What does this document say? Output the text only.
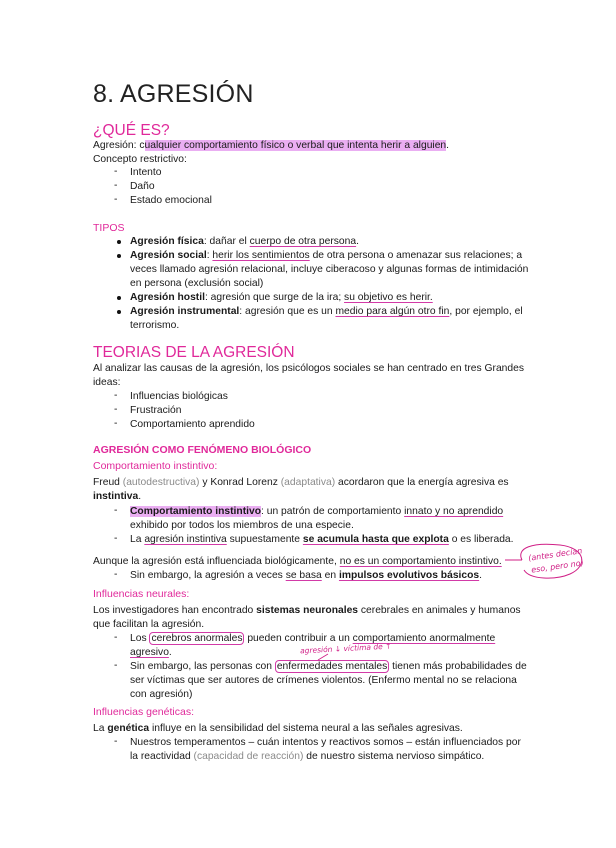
8. AGRESIÓN
¿QUÉ ES?
Agresión: cualquier comportamiento físico o verbal que intenta herir a alguien.
Concepto restrictivo:
- Intento
- Daño
- Estado emocional
TIPOS
Agresión física: dañar el cuerpo de otra persona.
Agresión social: herir los sentimientos de otra persona o amenazar sus relaciones; a
veces llamado agresión relacional, incluye ciberacoso y algunas formas de intimidación
en persona (exclusión social)
Agresión hostil: agresión que surge de la ira; su objetivo es herir.
Agresión instrumental: agresión que es un medio para algún otro fin, por ejemplo, el
terrorismo.
TEORIAS DE LA AGRESIÓN
Al analizar las causas de la agresión, los psicólogos sociales se han centrado en tres Grandes
ideas:
- Influencias biológicas
- Frustración
- Comportamiento aprendido
AGRESIÓN COMO FENÓMENO BIOLÓGICO
Comportamiento instintivo:
Freud (autodestructiva) y Konrad Lorenz (adaptativa) acordaron que la energía agresiva es
instintiva.
- Comportamiento instintivo: un patrón de comportamiento innato y no aprendido
exhibido por todos los miembros de una especie.
- La agresión instintiva supuestamente se acumula hasta que explota o es liberada.
Aunque la agresión está influenciada biológicamente, no es un comportamiento instintivo.
- Sin embargo, la agresión a veces se basa en impulsos evolutivos básicos.
(antes decían
eso, pero no)
Influencias neurales:
Los investigadores han encontrado sistemas neuronales cerebrales en animales y humanos
que facilitan la agresión.
- Los cerebros anormales pueden contribuir a un comportamiento anormalmente
agresivo.	agresión ↓ víctima de ↑
- Sin embargo, las personas con enfermedades mentales tienen más probabilidades de
ser víctimas que ser autores de crímenes violentos. (Enfermo mental no se relaciona
con agresión)
Influencias genéticas:
La genética influye en la sensibilidad del sistema neural a las señales agresivas.
- Nuestros temperamentos – cuán intentos y reactivos somos – están influenciados por
la reactividad (capacidad de reacción) de nuestro sistema nervioso simpático.
